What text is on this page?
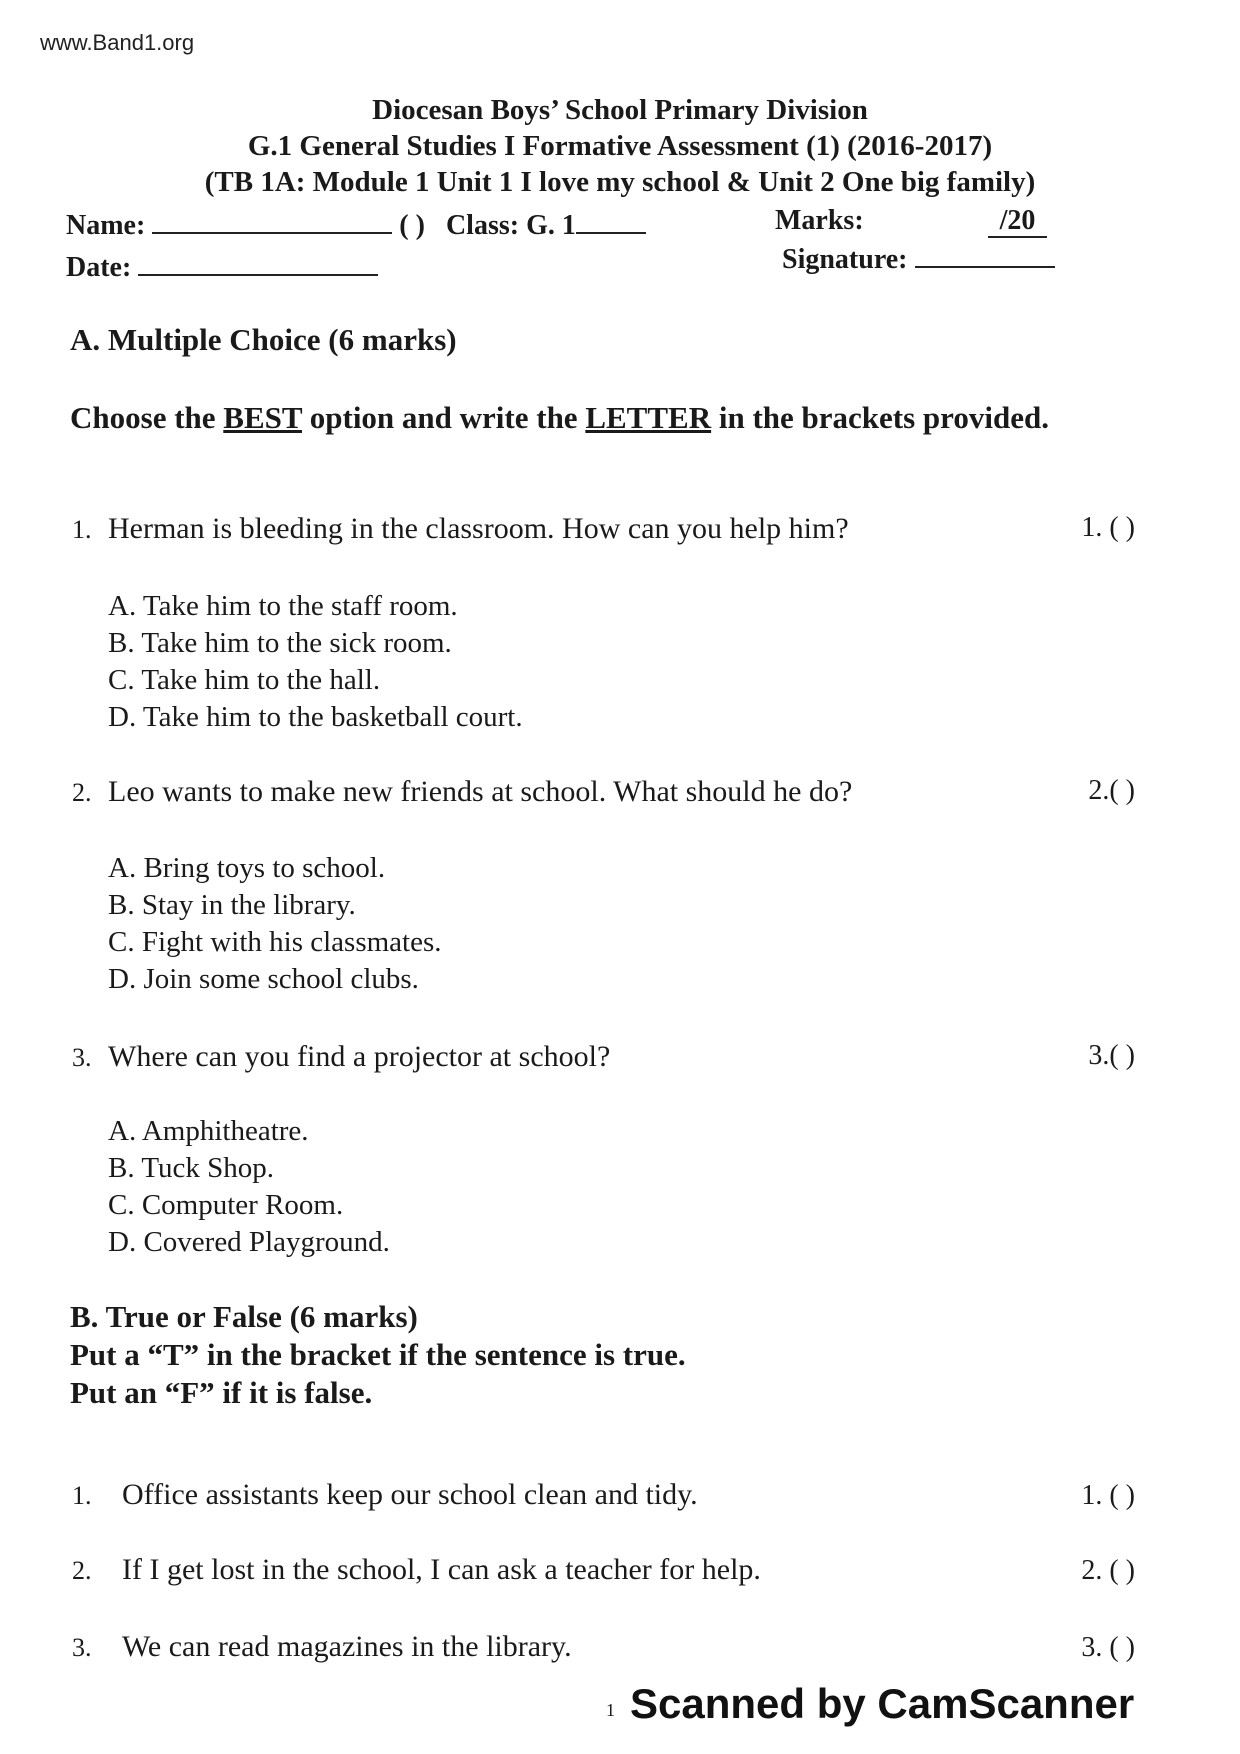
www.Band1.org
Diocesan Boys’ School Primary Division
G.1 General Studies I Formative Assessment (1) (2016-2017)
(TB 1A: Module 1 Unit 1 I love my school & Unit 2 One big family)
Name:	( ) Class: G. 1	Marks:	/20
Date:	Signature:
A. Multiple Choice (6 marks)
Choose the BEST option and write the LETTER in the brackets provided.
1. Herman is bleeding in the classroom. How can you help him?	1. ( )
A. Take him to the staff room.
B. Take him to the sick room.
C. Take him to the hall.
D. Take him to the basketball court.
2. Leo wants to make new friends at school. What should he do?	2.( )
A. Bring toys to school.
B. Stay in the library.
C. Fight with his classmates.
D. Join some school clubs.
3. Where can you find a projector at school?	3.( )
A. Amphitheatre.
B. Tuck Shop.
C. Computer Room.
D. Covered Playground.
B. True or False (6 marks)
Put a “T” in the bracket if the sentence is true.
Put an “F” if it is false.
1. Office assistants keep our school clean and tidy.	1. ( )
2. If I get lost in the school, I can ask a teacher for help.	2. ( )
3. We can read magazines in the library.	3. ( )
1 Scanned by CamScanner
